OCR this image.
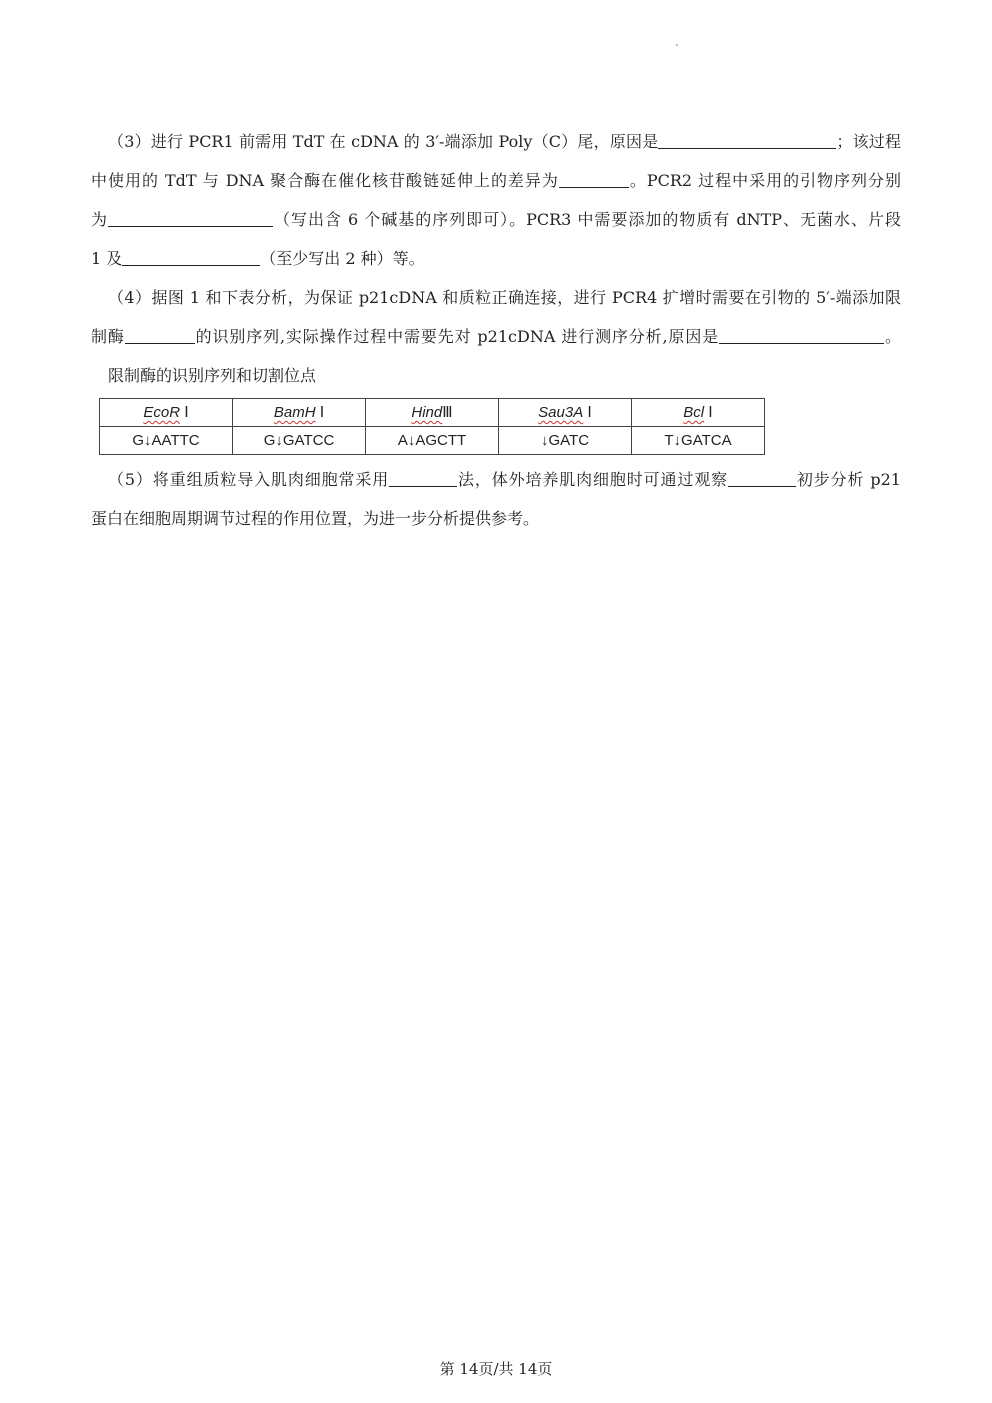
（3）进行 PCR1 前需用 TdT 在 cDNA 的 3′-端添加 Poly（C）尾，原因是	；该过程
中使用的 TdT 与 DNA 聚合酶在催化核苷酸链延伸上的差异为	。PCR2 过程中采用的引物序列分别
为	（写出含 6 个碱基的序列即可）。PCR3 中需要添加的物质有 dNTP、无菌水、片段
1 及	（至少写出 2 种）等。
（4）据图 1 和下表分析，为保证 p21cDNA 和质粒正确连接，进行 PCR4 扩增时需要在引物的 5′-端添加限
制酶	的识别序列,实际操作过程中需要先对 p21cDNA 进行测序分析,原因是	。
限制酶的识别序列和切割位点
EcoR Ⅰ	BamH Ⅰ	HindⅢ	Sau3A Ⅰ	Bcl Ⅰ
G↓AATTC	G↓GATCC	A↓AGCTT	↓GATC	T↓GATCA
（5）将重组质粒导入肌肉细胞常采用	法，体外培养肌肉细胞时可通过观察	初步分析 p21
蛋白在细胞周期调节过程的作用位置，为进一步分析提供参考。
第 14页/共 14页
